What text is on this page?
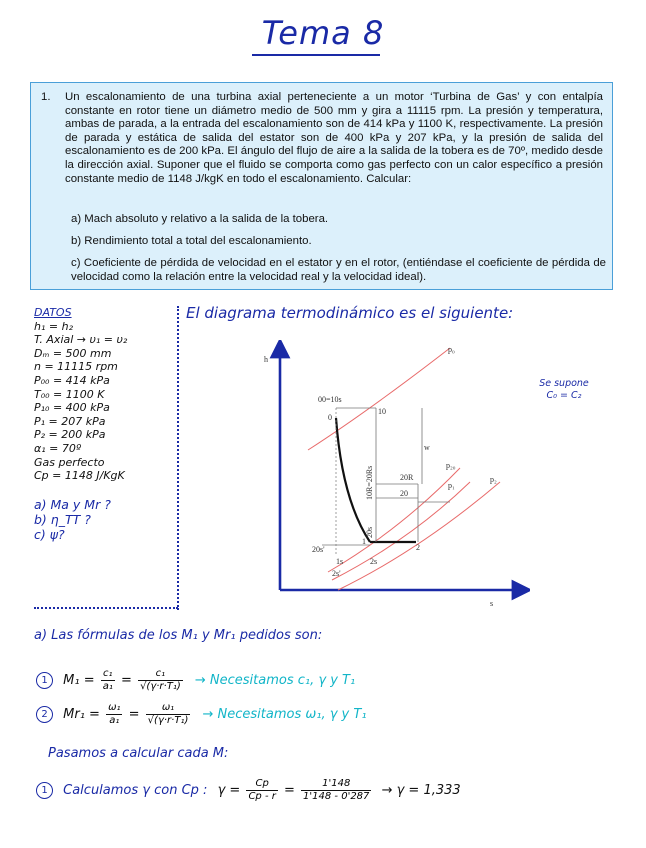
Tema 8
1. Un escalonamiento de una turbina axial perteneciente a un motor ‘Turbina de Gas’ y con entalpía constante en rotor tiene un diámetro medio de 500 mm y gira a 11115 rpm. La presión y temperatura, ambas de parada, a la entrada del escalonamiento son de 414 kPa y 1100 K, respectivamente. La presión de parada y estática de salida del estator son de 400 kPa y 207 kPa, y la presión de salida del escalonamiento es de 200 kPa. El ángulo del flujo de aire a la salida de la tobera es de 70º, medido desde la dirección axial. Suponer que el fluido se comporta como gas perfecto con un calor específico a presión constante medio de 1148 J/kgK en todo el escalonamiento. Calcular:
a) Mach absoluto y relativo a la salida de la tobera.
b) Rendimiento total a total del escalonamiento.
c) Coeficiente de pérdida de velocidad en el estator y en el rotor, (entiéndase el coeficiente de pérdida de velocidad como la relación entre la velocidad real y la velocidad ideal).
DATOS
h₁ = h₂
T. Axial → υ₁ = υ₂
Dₘ = 500 mm
n = 11115 rpm
P₀₀ = 414 kPa
T₀₀ = 1100 K
P₁₀ = 400 kPa
P₁ = 207 kPa
P₂ = 200 kPa
α₁ = 70º
Gas perfecto
Cp = 1148 J/KgK
a) Ma y Mr ?
b) η_TT ?
c) ψ?
El diagrama termodinámico es el siguiente:
Se supone
C₀ = C₂
h
s
p₀
p₂₀
p₁
p₂
00=10s
0
10
w
20R
20
10R=20Rs
20s
20s'
1
2
1s	2s
2s'
a) Las fórmulas de los M₁ y Mr₁ pedidos son:
1 $M_1 = \frac{\text{c₁}}{\text{a₁}} = \frac{\text{c₁}}{\text{√(γ·r·T₁)}}$ → Necesitamos c₁, γ y T₁
2 $Mr_1 = \frac{\text{ω₁}}{\text{a₁}} = \frac{\text{ω₁}}{\text{√(γ·r·T₁)}}$ → Necesitamos ω₁, γ y T₁
Pasamos a calcular cada M:
1 Calculamos γ con Cp : $\gamma = \frac{Cp}{Cp - r} = \frac{1'148}{1'148 - 0'287} \to \gamma = 1,333$
